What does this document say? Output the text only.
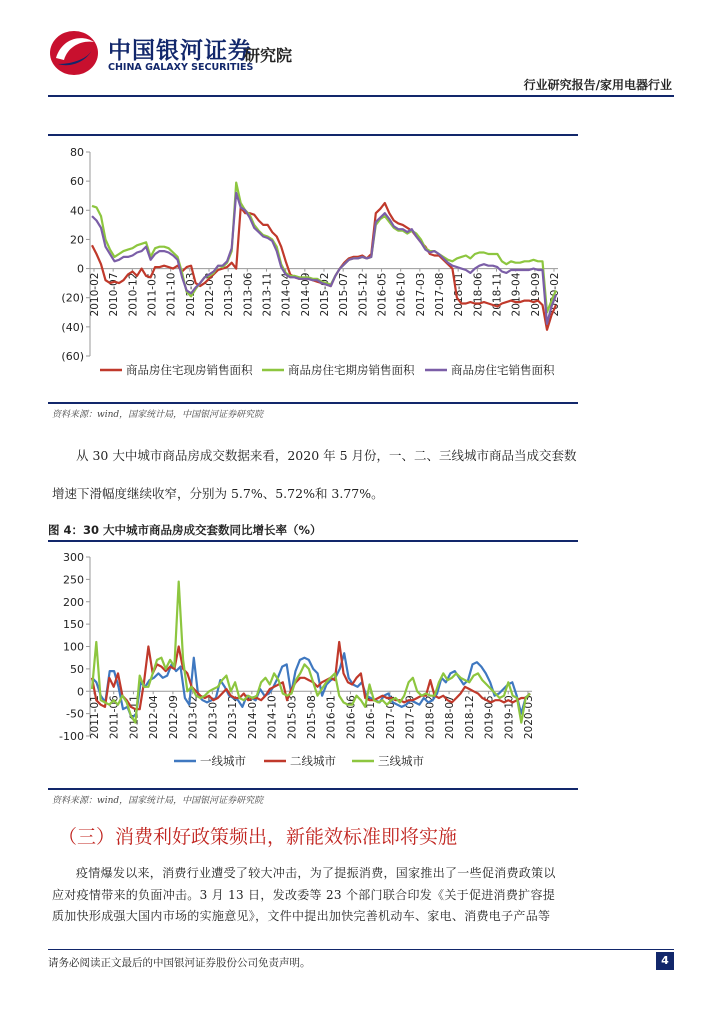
中国银河证券
CHINA GALAXY SECURITIES
研究院
行业研究报告/家用电器行业
80
60
40
20
0
(20)
(40)
(60)
2010-02 2010-07 2010-12 2011-05 2011-10 2012-03 2012-08 2013-01 2013-06 2013-11 2014-04 2014-09 2015-02 2015-07 2015-12 2016-05 2016-10 2017-03 2017-08 2018-01 2018-06 2018-11 2019-04 2019-09 2020-02
商品房住宅现房销售面积	商品房住宅期房销售面积	商品房住宅销售面积
资料来源：wind，国家统计局，中国银河证券研究院
从 30 大中城市商品房成交数据来看，2020 年 5 月份，一、二、三线城市商品当成交套数
增速下滑幅度继续收窄，分别为 5.7%、5.72%和 3.77%。
图 4：30 大中城市商品房成交套数同比增长率（%）
300
250
200
150
100
50
0
-50
-100 2011-01 2011-06 2011-11 2012-04 2012-09 2013-02 2013-07 2013-12 2014-05 2014-10 2015-03 2015-08 2016-01 2016-06 2016-11 2017-04 2017-09 2018-02 2018-07 2018-12 2019-05 2019-10 2020-03
一线城市	二线城市	三线城市
资料来源：wind，国家统计局，中国银河证券研究院
（三）消费利好政策频出，新能效标准即将实施
疫情爆发以来，消费行业遭受了较大冲击，为了提振消费，国家推出了一些促消费政策以
应对疫情带来的负面冲击。3 月 13 日，发改委等 23 个部门联合印发《关于促进消费扩容提
质加快形成强大国内市场的实施意见》，文件中提出加快完善机动车、家电、消费电子产品等
请务必阅读正文最后的中国银河证券股份公司免责声明。	4
